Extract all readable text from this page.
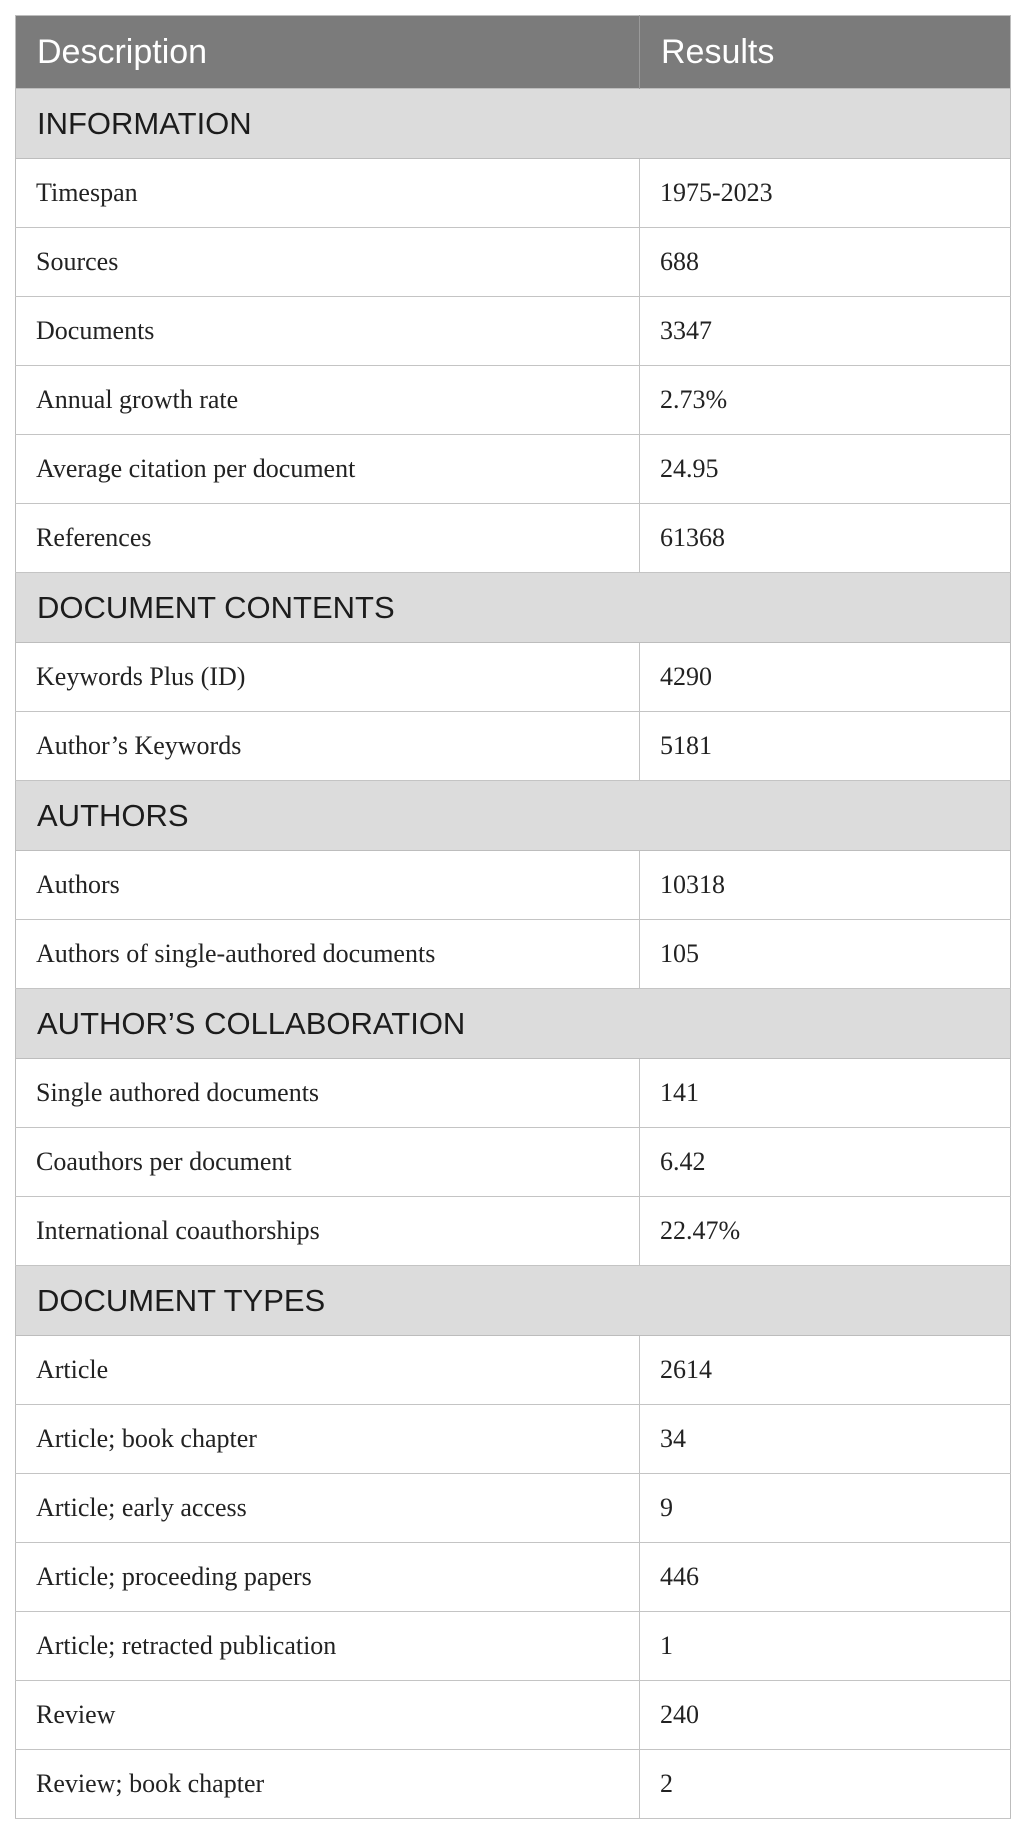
Description	Results
INFORMATION	
Timespan	1975-2023
Sources	688
Documents	3347
Annual growth rate	2.73%
Average citation per document	24.95
References	61368
DOCUMENT CONTENTS	
Keywords Plus (ID)	4290
Author’s Keywords	5181
AUTHORS	
Authors	10318
Authors of single-authored documents	105
AUTHOR’S COLLABORATION	
Single authored documents	141
Coauthors per document	6.42
International coauthorships	22.47%
DOCUMENT TYPES	
Article	2614
Article; book chapter	34
Article; early access	9
Article; proceeding papers	446
Article; retracted publication	1
Review	240
Review; book chapter	2
